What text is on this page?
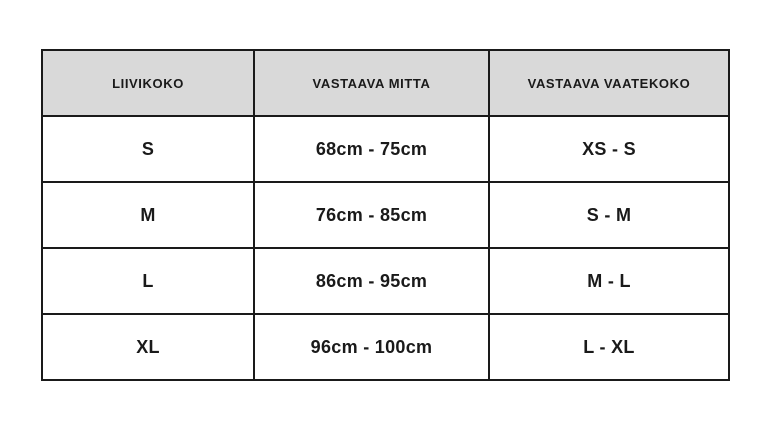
LIIVIKOKO	VASTAAVA MITTA	VASTAAVA VAATEKOKO
S	68cm - 75cm	XS - S
M	76cm - 85cm	S - M
L	86cm - 95cm	M - L
XL	96cm - 100cm	L - XL
